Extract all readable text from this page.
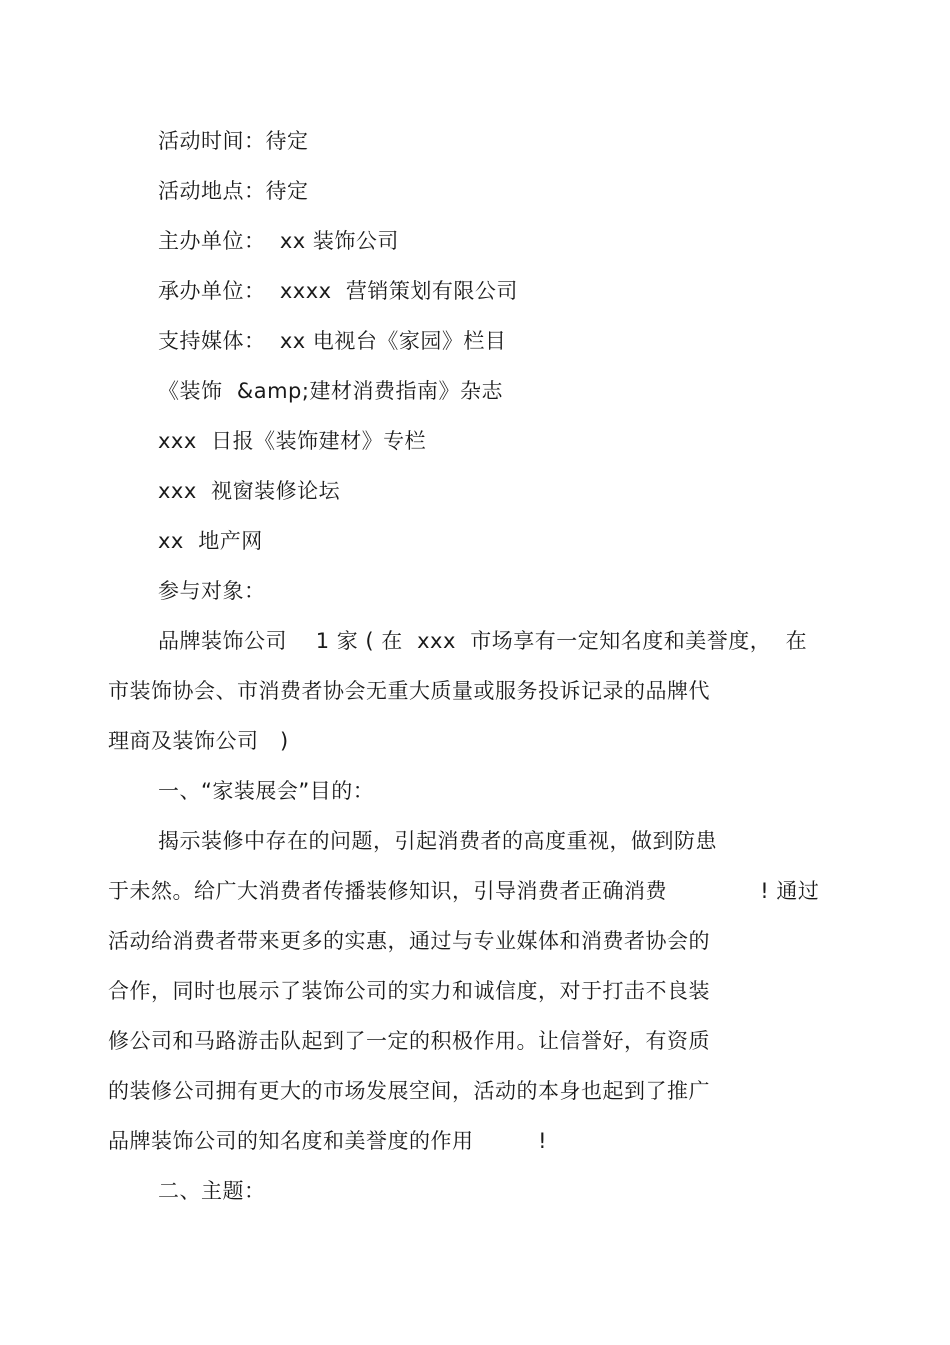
活动时间：待定
活动地点：待定
主办单位：  xx 装饰公司
承办单位：  xxxx  营销策划有限公司
支持媒体：  xx 电视台《家园》栏目
《装饰  &amp;建材消费指南》杂志
xxx  日报《装饰建材》专栏
xxx  视窗装修论坛
xx  地产网
参与对象：
品牌装饰公司    1 家 ( 在  xxx  市场享有一定知名度和美誉度，  在
市装饰协会、市消费者协会无重大质量或服务投诉记录的品牌代
理商及装饰公司   )
一、“家装展会”目的：
揭示装修中存在的问题，引起消费者的高度重视，做到防患
于未然。给广大消费者传播装修知识，引导消费者正确消费             ! 通过
活动给消费者带来更多的实惠，通过与专业媒体和消费者协会的
合作，同时也展示了装饰公司的实力和诚信度，对于打击不良装
修公司和马路游击队起到了一定的积极作用。让信誉好，有资质
的装修公司拥有更大的市场发展空间，活动的本身也起到了推广
品牌装饰公司的知名度和美誉度的作用         !
二、主题：
